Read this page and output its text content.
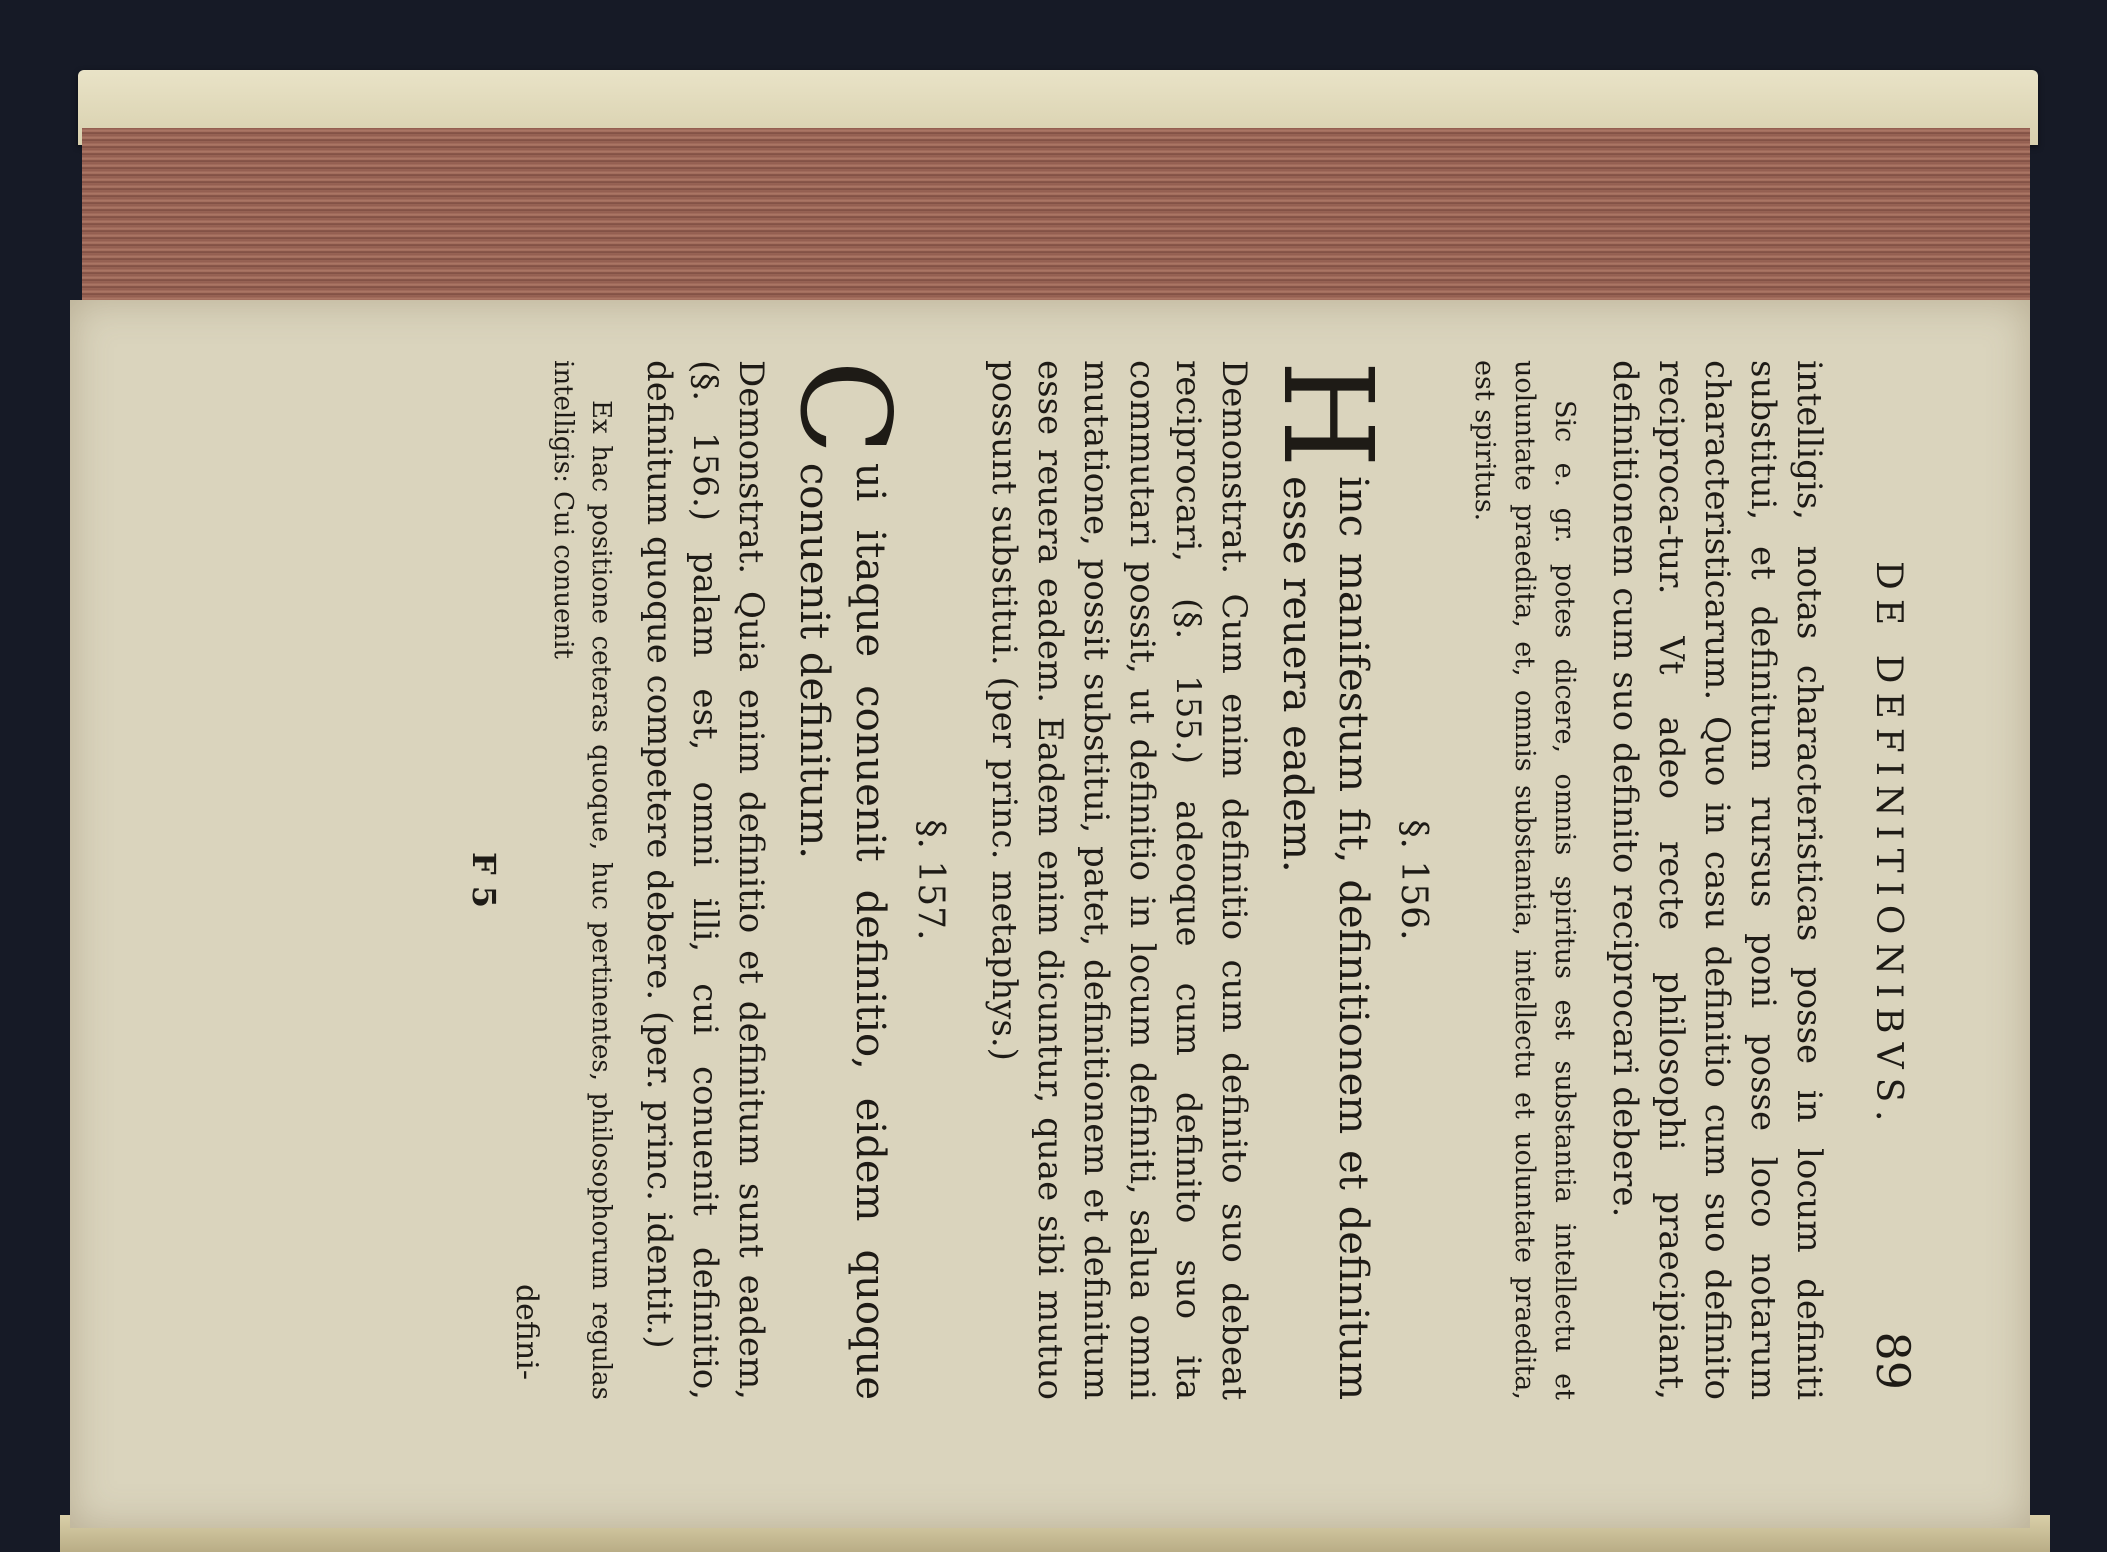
DE DEFINITIONIBVS.
89

intelligis, notas characteristicas posse in locum definiti substitui, et definitum rursus poni posse loco notarum characteristicarum. Quo in casu definitio cum suo definito reciproca-tur. Vt adeo recte philosophi praecipiant, definitionem cum suo definito reciprocari debere.

Sic e. gr. potes dicere, omnis spiritus est substantia intellectu et uoluntate praedita, et, omnis substantia, intellectu et uoluntate praedita, est spiritus.

§. 156.

H
inc manifestum fit, definitionem et definitum esse reuera eadem.

Demonstrat. Cum enim definitio cum definito suo debeat reciprocari, (§. 155.) adeoque cum definito suo ita commutari possit, ut definitio in locum definiti, salua omni mutatione, possit substitui, patet, definitionem et definitum esse reuera eadem. Eadem enim dicuntur, quae sibi mutuo possunt substitui. (per princ. metaphys.)

§. 157.

C
ui itaque conuenit definitio, eidem quoque conuenit definitum.

Demonstrat. Quia enim definitio et definitum sunt eadem, (§. 156.) palam est, omni illi, cui conuenit definitio, definitum quoque competere debere. (per. princ. identit.)

Ex hac positione ceteras quoque, huc pertinentes, philosophorum regulas intelligis: Cui conuenit

defini-
F 5
